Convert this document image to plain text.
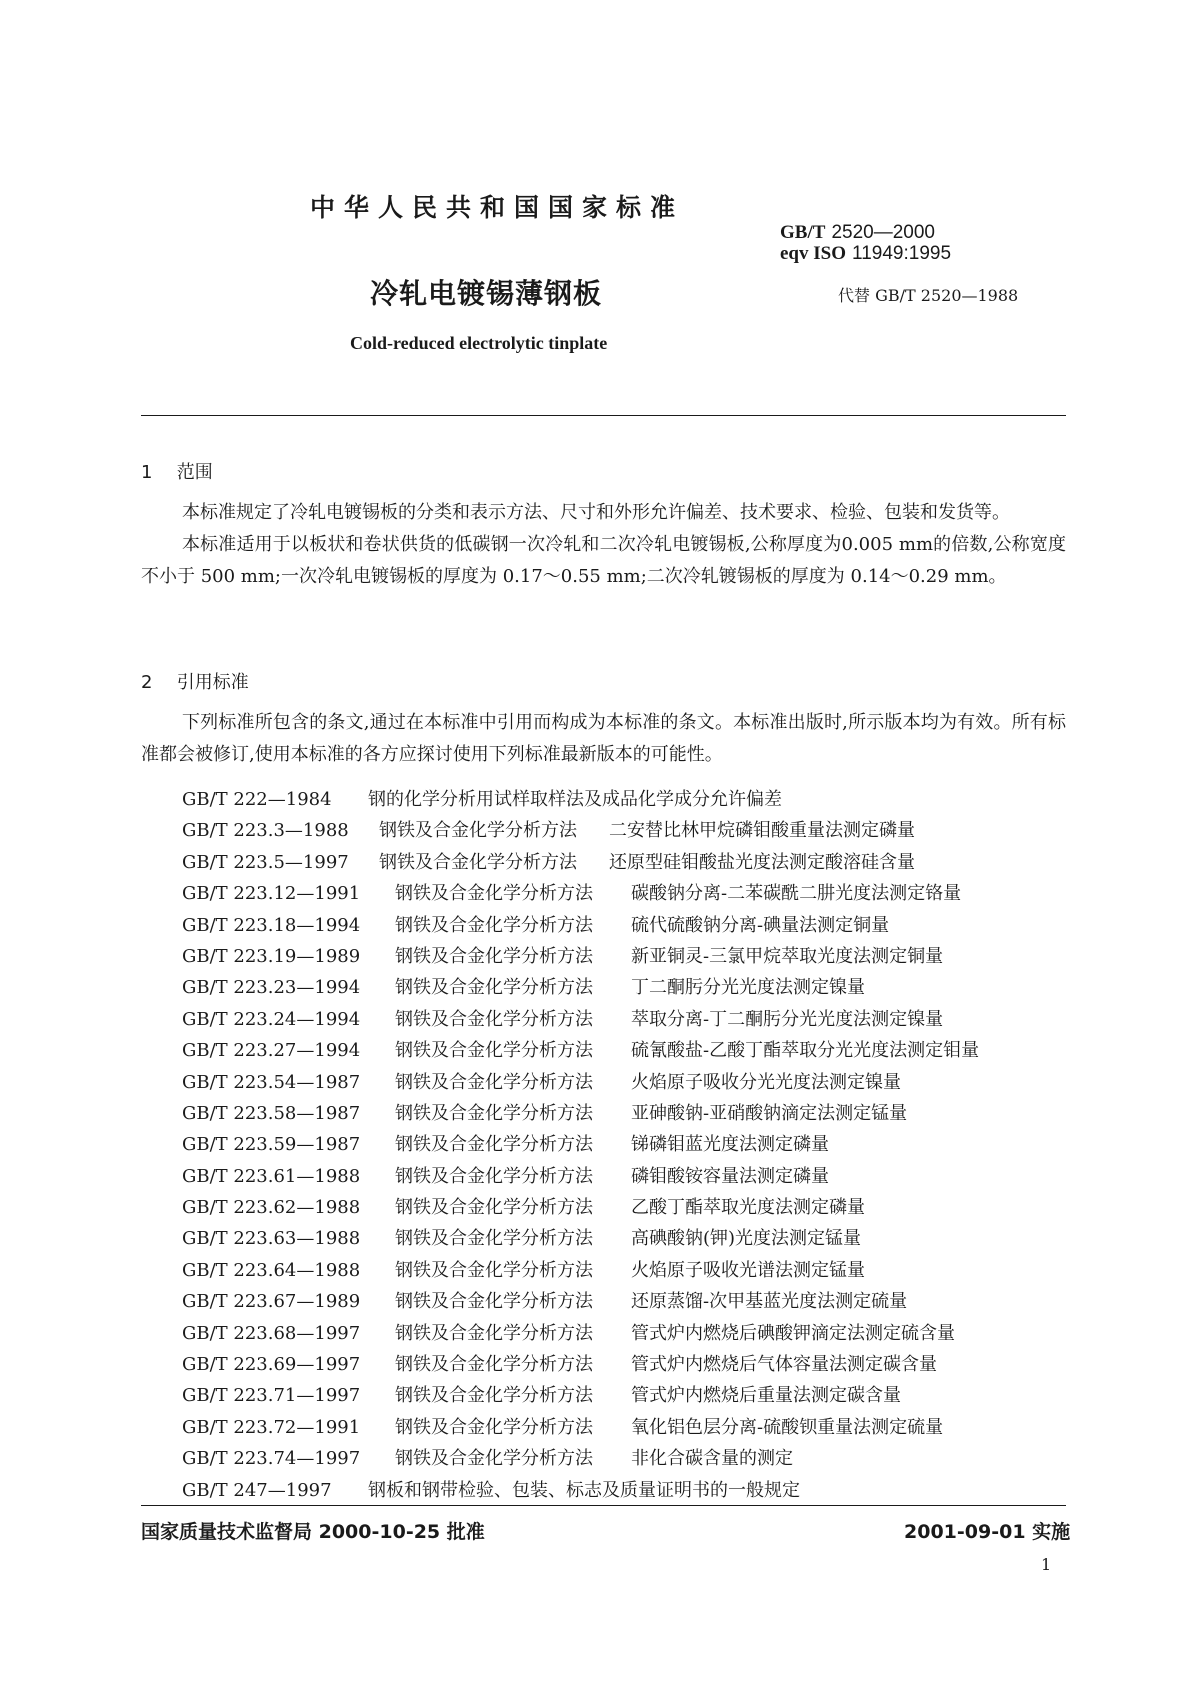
中华人民共和国国家标准
GB/T 2520—2000
eqv ISO 11949:1995
冷轧电镀锡薄钢板	代替 GB/T 2520—1988
Cold-reduced electrolytic tinplate
1 范围

本标准规定了冷轧电镀锡板的分类和表示方法、尺寸和外形允许偏差、技术要求、检验、包装和发货等。

本标准适用于以板状和卷状供货的低碳钢一次冷轧和二次冷轧电镀锡板,公称厚度为0.005 mm的倍数,公称宽度不小于 500 mm;一次冷轧电镀锡板的厚度为 0.17～0.55 mm;二次冷轧镀锡板的厚度为 0.14～0.29 mm。

2 引用标准

下列标准所包含的条文,通过在本标准中引用而构成为本标准的条文。本标准出版时,所示版本均为有效。所有标准都会被修订,使用本标准的各方应探讨使用下列标准最新版本的可能性。

GB/T 222—1984 钢的化学分析用试样取样法及成品化学成分允许偏差
GB/T 223.3—1988 钢铁及合金化学分析方法 二安替比林甲烷磷钼酸重量法测定磷量
GB/T 223.5—1997 钢铁及合金化学分析方法 还原型硅钼酸盐光度法测定酸溶硅含量
GB/T 223.12—1991 钢铁及合金化学分析方法 碳酸钠分离-二苯碳酰二肼光度法测定铬量
GB/T 223.18—1994 钢铁及合金化学分析方法 硫代硫酸钠分离-碘量法测定铜量
GB/T 223.19—1989 钢铁及合金化学分析方法 新亚铜灵-三氯甲烷萃取光度法测定铜量
GB/T 223.23—1994 钢铁及合金化学分析方法 丁二酮肟分光光度法测定镍量
GB/T 223.24—1994 钢铁及合金化学分析方法 萃取分离-丁二酮肟分光光度法测定镍量
GB/T 223.27—1994 钢铁及合金化学分析方法 硫氰酸盐-乙酸丁酯萃取分光光度法测定钼量
GB/T 223.54—1987 钢铁及合金化学分析方法 火焰原子吸收分光光度法测定镍量
GB/T 223.58—1987 钢铁及合金化学分析方法 亚砷酸钠-亚硝酸钠滴定法测定锰量
GB/T 223.59—1987 钢铁及合金化学分析方法 锑磷钼蓝光度法测定磷量
GB/T 223.61—1988 钢铁及合金化学分析方法 磷钼酸铵容量法测定磷量
GB/T 223.62—1988 钢铁及合金化学分析方法 乙酸丁酯萃取光度法测定磷量
GB/T 223.63—1988 钢铁及合金化学分析方法 高碘酸钠(钾)光度法测定锰量
GB/T 223.64—1988 钢铁及合金化学分析方法 火焰原子吸收光谱法测定锰量
GB/T 223.67—1989 钢铁及合金化学分析方法 还原蒸馏-次甲基蓝光度法测定硫量
GB/T 223.68—1997 钢铁及合金化学分析方法 管式炉内燃烧后碘酸钾滴定法测定硫含量
GB/T 223.69—1997 钢铁及合金化学分析方法 管式炉内燃烧后气体容量法测定碳含量
GB/T 223.71—1997 钢铁及合金化学分析方法 管式炉内燃烧后重量法测定碳含量
GB/T 223.72—1991 钢铁及合金化学分析方法 氧化铝色层分离-硫酸钡重量法测定硫量
GB/T 223.74—1997 钢铁及合金化学分析方法 非化合碳含量的测定
GB/T 247—1997 钢板和钢带检验、包装、标志及质量证明书的一般规定
国家质量技术监督局 2000-10-25 批准	2001-09-01 实施
1
